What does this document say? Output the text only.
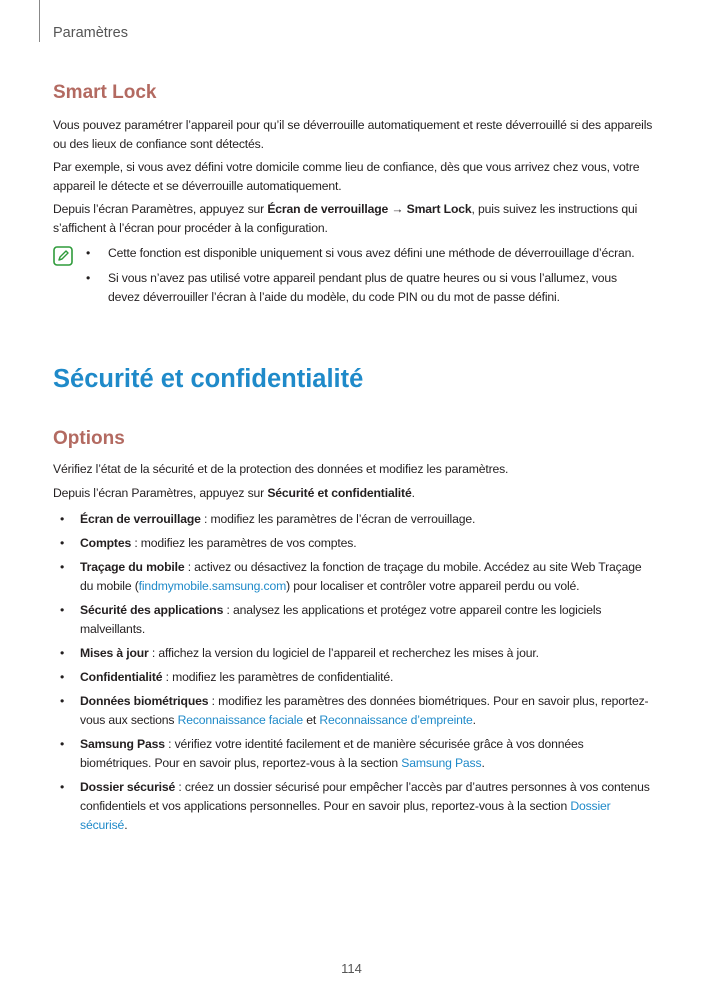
Paramètres
Smart Lock
Vous pouvez paramétrer l’appareil pour qu’il se déverrouille automatiquement et reste déverrouillé si des appareils ou des lieux de confiance sont détectés.
Par exemple, si vous avez défini votre domicile comme lieu de confiance, dès que vous arrivez chez vous, votre appareil le détecte et se déverrouille automatiquement.
Depuis l’écran Paramètres, appuyez sur Écran de verrouillage → Smart Lock, puis suivez les instructions qui s’affichent à l’écran pour procéder à la configuration.
• Cette fonction est disponible uniquement si vous avez défini une méthode de déverrouillage d’écran.
• Si vous n’avez pas utilisé votre appareil pendant plus de quatre heures ou si vous l’allumez, vous devez déverrouiller l’écran à l’aide du modèle, du code PIN ou du mot de passe défini.
Sécurité et confidentialité
Options
Vérifiez l’état de la sécurité et de la protection des données et modifiez les paramètres.
Depuis l’écran Paramètres, appuyez sur Sécurité et confidentialité.
• Écran de verrouillage : modifiez les paramètres de l’écran de verrouillage.
• Comptes : modifiez les paramètres de vos comptes.
• Traçage du mobile : activez ou désactivez la fonction de traçage du mobile. Accédez au site Web Traçage du mobile (findmymobile.samsung.com) pour localiser et contrôler votre appareil perdu ou volé.
• Sécurité des applications : analysez les applications et protégez votre appareil contre les logiciels malveillants.
• Mises à jour : affichez la version du logiciel de l’appareil et recherchez les mises à jour.
• Confidentialité : modifiez les paramètres de confidentialité.
• Données biométriques : modifiez les paramètres des données biométriques. Pour en savoir plus, reportez-vous aux sections Reconnaissance faciale et Reconnaissance d’empreinte.
• Samsung Pass : vérifiez votre identité facilement et de manière sécurisée grâce à vos données biométriques. Pour en savoir plus, reportez-vous à la section Samsung Pass.
• Dossier sécurisé : créez un dossier sécurisé pour empêcher l’accès par d’autres personnes à vos contenus confidentiels et vos applications personnelles. Pour en savoir plus, reportez-vous à la section Dossier sécurisé.
114
